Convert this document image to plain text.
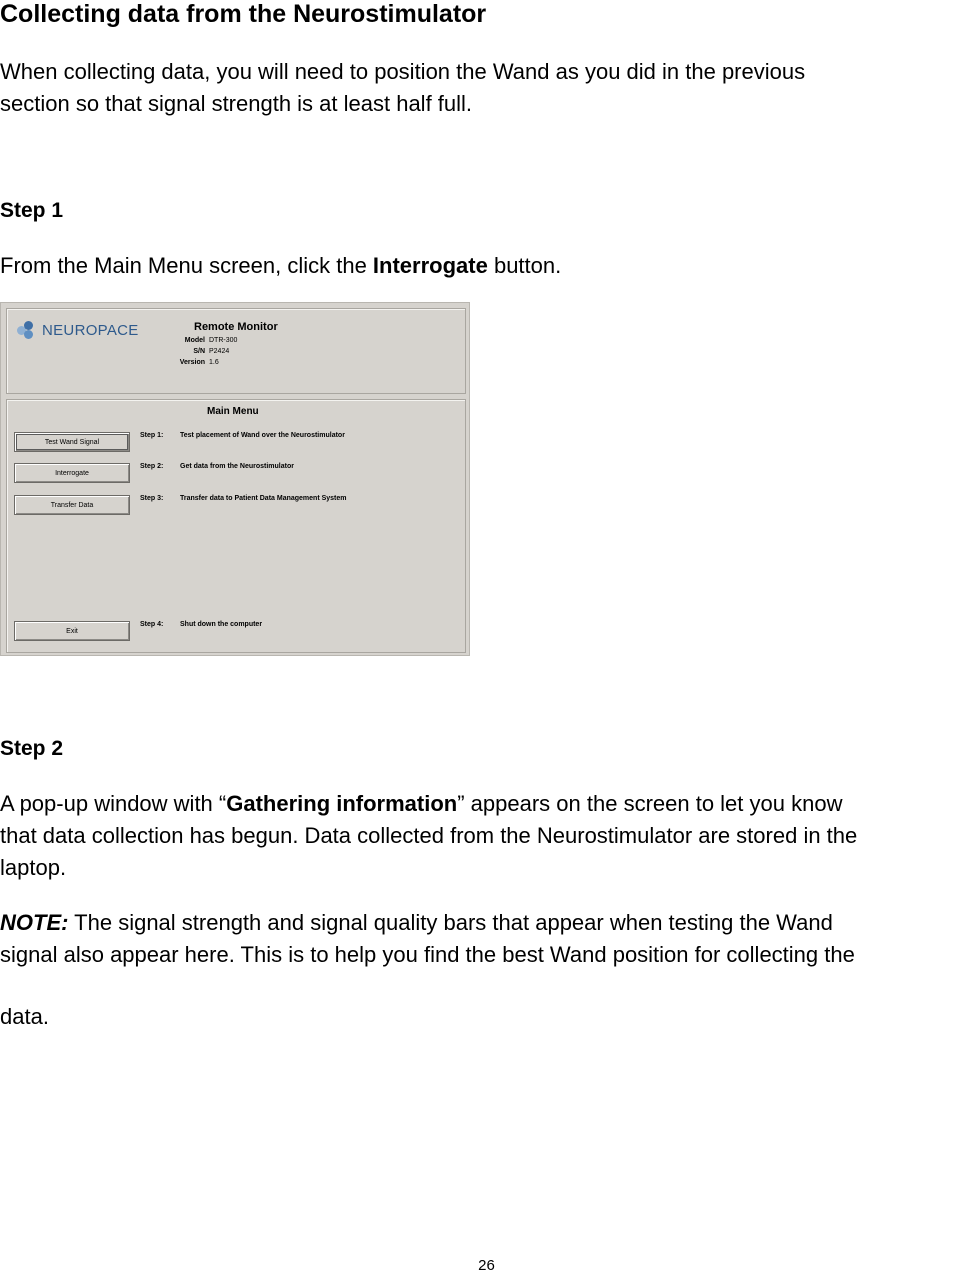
Collecting data from the Neurostimulator

When collecting data, you will need to position the Wand as you did in the previous

section so that signal strength is at least half full.

Step 1

From the Main Menu screen, click the Interrogate button.

NEUROPACE	Remote Monitor
Model DTR-300
S/N P2424
Version 1.6
Main Menu
Test Wand Signal
Step 1: Test placement of Wand over the Neurostimulator
Interrogate
Step 2: Get data from the Neurostimulator
Transfer Data
Step 3: Transfer data to Patient Data Management System
Exit
Step 4: Shut down the computer
Step 2

A pop-up window with “Gathering information” appears on the screen to let you know

that data collection has begun. Data collected from the Neurostimulator are stored in the

laptop.

NOTE: The signal strength and signal quality bars that appear when testing the Wand

signal also appear here. This is to help you find the best Wand position for collecting the

data.

26
